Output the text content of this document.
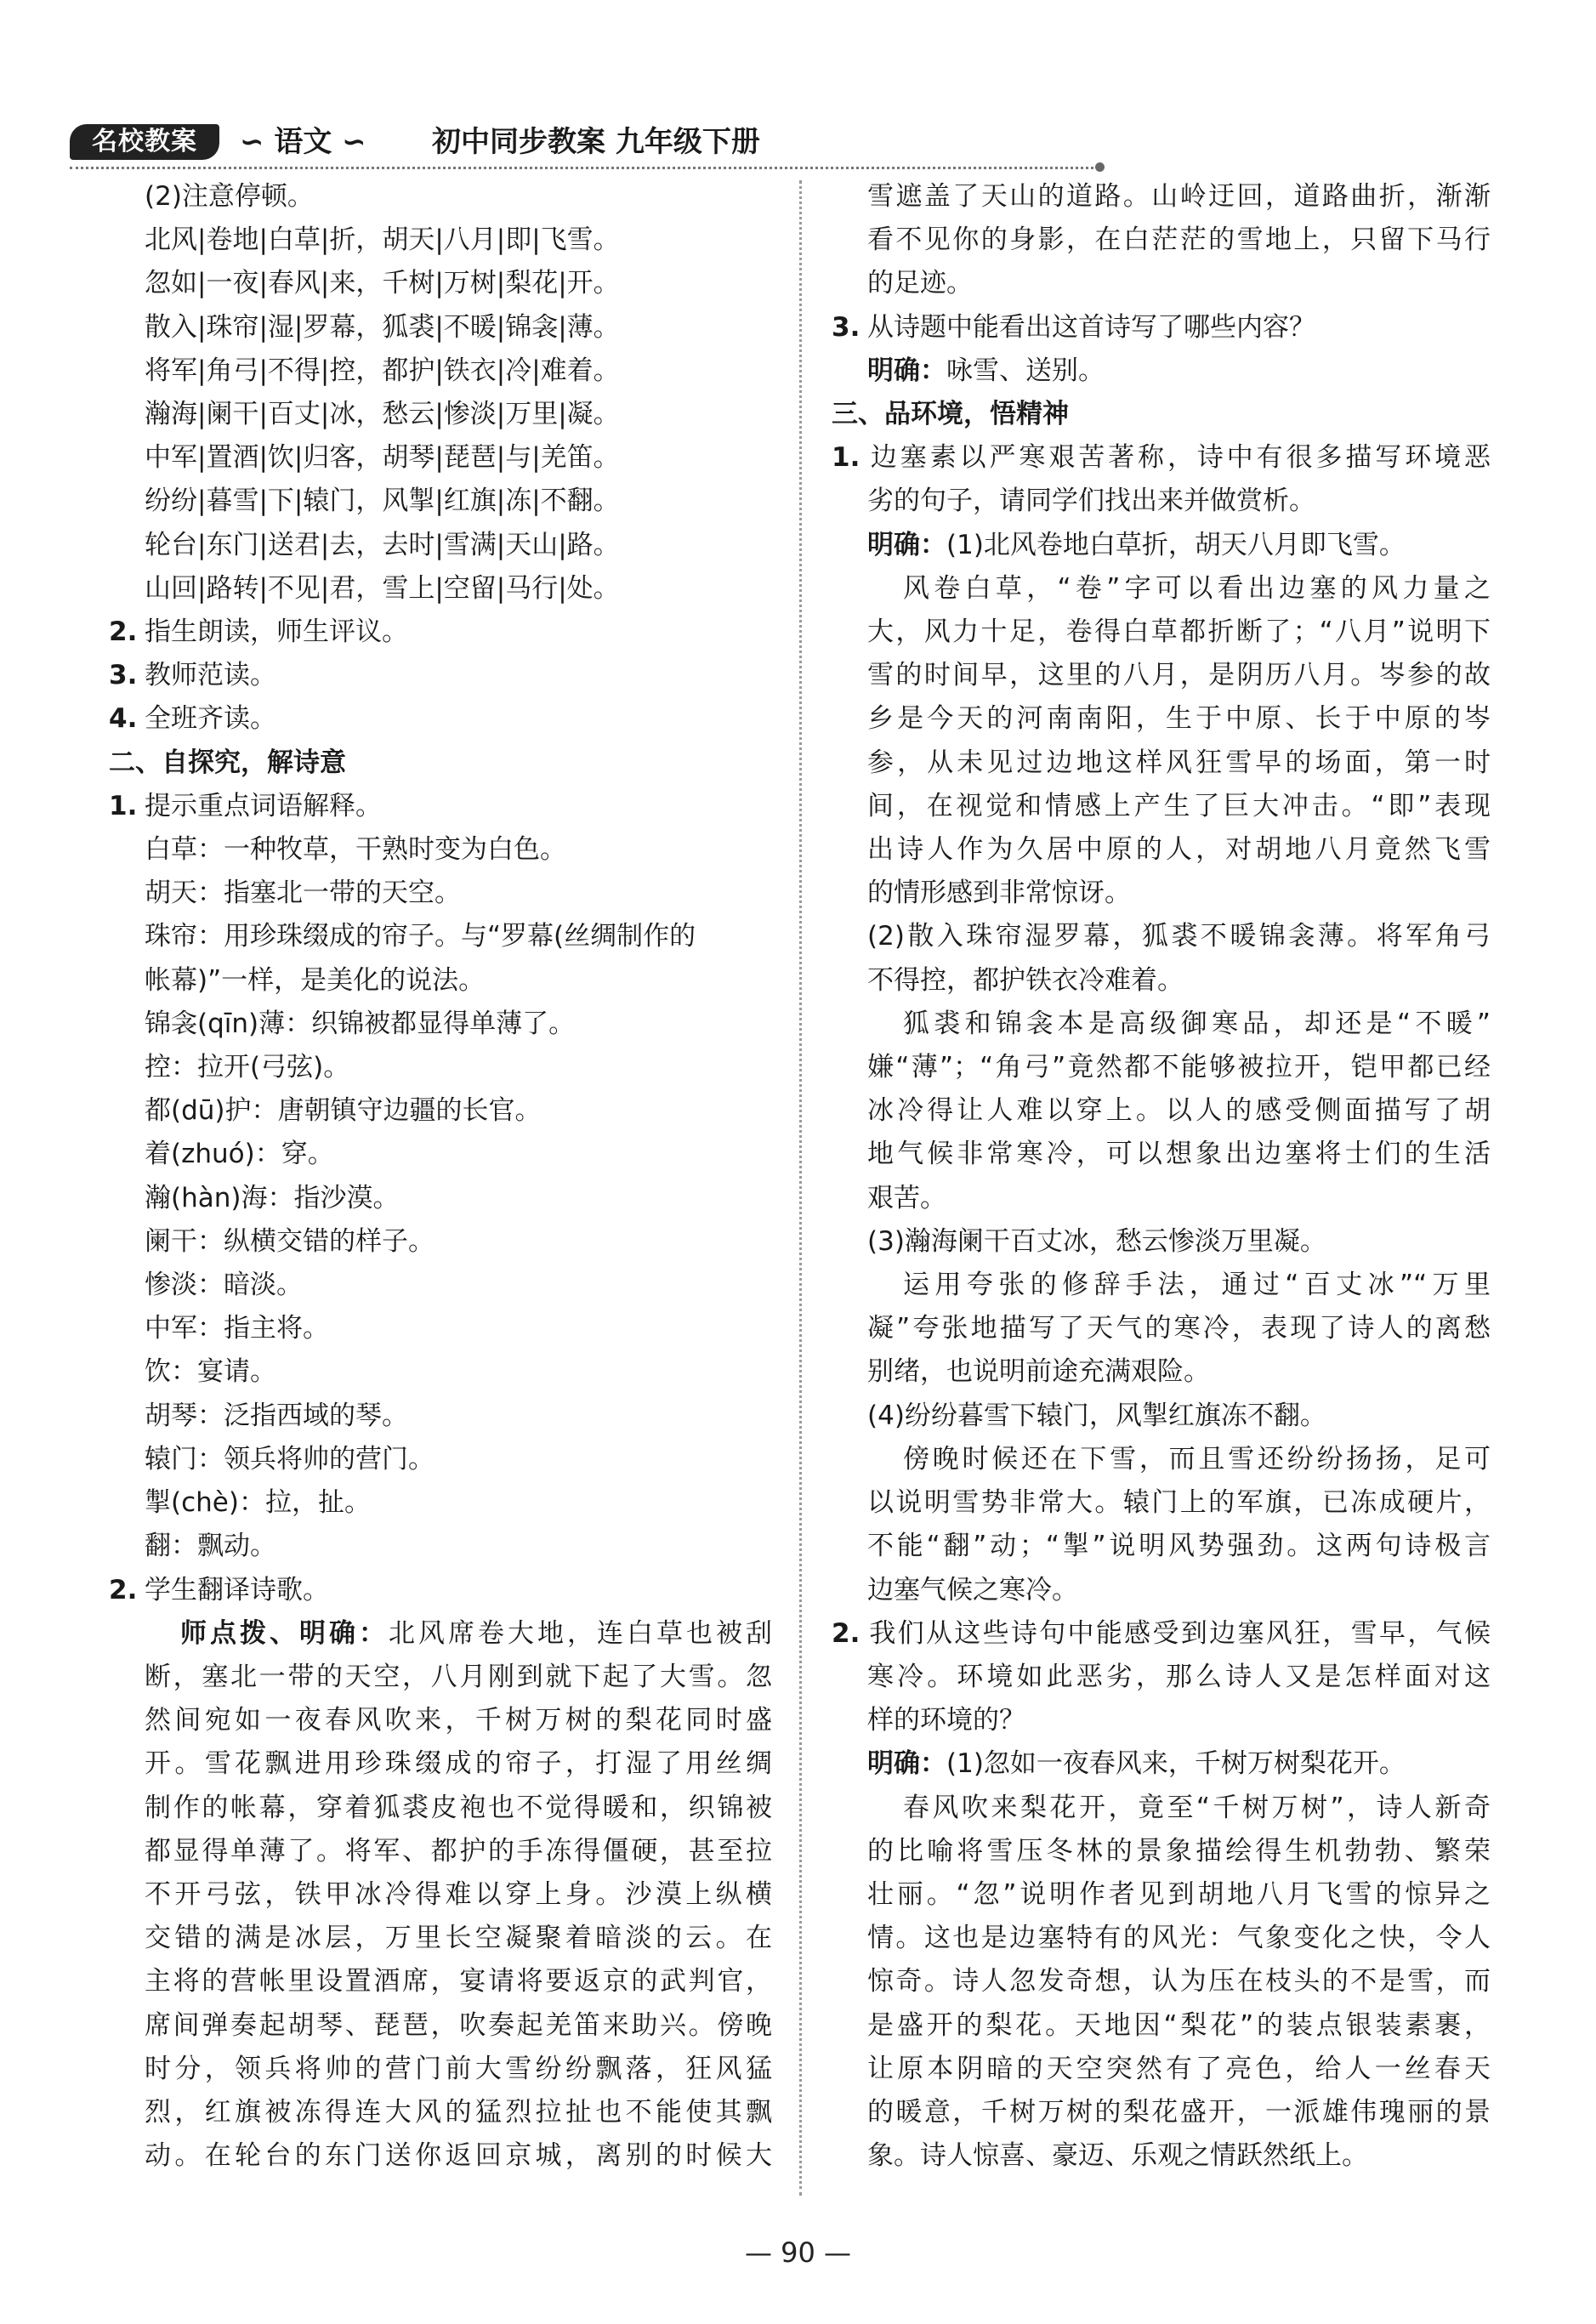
名校教案	∽ 语文 ∽ 初中同步教案 九年级下册
(2)注意停顿。
北风|卷地|白草|折，胡天|八月|即|飞雪。
忽如|一夜|春风|来，千树|万树|梨花|开。
散入|珠帘|湿|罗幕，狐裘|不暖|锦衾|薄。
将军|角弓|不得|控，都护|铁衣|冷|难着。
瀚海|阑干|百丈|冰，愁云|惨淡|万里|凝。
中军|置酒|饮|归客，胡琴|琵琶|与|羌笛。
纷纷|暮雪|下|辕门，风掣|红旗|冻|不翻。
轮台|东门|送君|去，去时|雪满|天山|路。
山回|路转|不见|君，雪上|空留|马行|处。
2. 指生朗读，师生评议。
3. 教师范读。
4. 全班齐读。
二、自探究，解诗意
1. 提示重点词语解释。
白草：一种牧草，干熟时变为白色。
胡天：指塞北一带的天空。
珠帘：用珍珠缀成的帘子。与“罗幕(丝绸制作的
帐幕)”一样，是美化的说法。
锦衾(qīn)薄：织锦被都显得单薄了。
控：拉开(弓弦)。
都(dū)护：唐朝镇守边疆的长官。
着(zhuó)：穿。
瀚(hàn)海：指沙漠。
阑干：纵横交错的样子。
惨淡：暗淡。
中军：指主将。
饮：宴请。
胡琴：泛指西域的琴。
辕门：领兵将帅的营门。
掣(chè)：拉，扯。
翻：飘动。
2. 学生翻译诗歌。
师点拨、明确：北风席卷大地，连白草也被刮
断，塞北一带的天空，八月刚到就下起了大雪。忽
然间宛如一夜春风吹来，千树万树的梨花同时盛
开。雪花飘进用珍珠缀成的帘子，打湿了用丝绸
制作的帐幕，穿着狐裘皮袍也不觉得暖和，织锦被
都显得单薄了。将军、都护的手冻得僵硬，甚至拉
不开弓弦，铁甲冰冷得难以穿上身。沙漠上纵横
交错的满是冰层，万里长空凝聚着暗淡的云。在
主将的营帐里设置酒席，宴请将要返京的武判官，
席间弹奏起胡琴、琵琶，吹奏起羌笛来助兴。傍晚
时分，领兵将帅的营门前大雪纷纷飘落，狂风猛
烈，红旗被冻得连大风的猛烈拉扯也不能使其飘
动。在轮台的东门送你返回京城，离别的时候大
雪遮盖了天山的道路。山岭迂回，道路曲折，渐渐
看不见你的身影，在白茫茫的雪地上，只留下马行
的足迹。
3. 从诗题中能看出这首诗写了哪些内容？
明确：咏雪、送别。
三、品环境，悟精神
1. 边塞素以严寒艰苦著称，诗中有很多描写环境恶
劣的句子，请同学们找出来并做赏析。
明确：(1)北风卷地白草折，胡天八月即飞雪。
风卷白草，“卷”字可以看出边塞的风力量之
大，风力十足，卷得白草都折断了；“八月”说明下
雪的时间早，这里的八月，是阴历八月。岑参的故
乡是今天的河南南阳，生于中原、长于中原的岑
参，从未见过边地这样风狂雪早的场面，第一时
间，在视觉和情感上产生了巨大冲击。“即”表现
出诗人作为久居中原的人，对胡地八月竟然飞雪
的情形感到非常惊讶。
(2)散入珠帘湿罗幕，狐裘不暖锦衾薄。将军角弓
不得控，都护铁衣冷难着。
狐裘和锦衾本是高级御寒品，却还是“不暖”
嫌“薄”；“角弓”竟然都不能够被拉开，铠甲都已经
冰冷得让人难以穿上。以人的感受侧面描写了胡
地气候非常寒冷，可以想象出边塞将士们的生活
艰苦。
(3)瀚海阑干百丈冰，愁云惨淡万里凝。
运用夸张的修辞手法，通过“百丈冰”“万里
凝”夸张地描写了天气的寒冷，表现了诗人的离愁
别绪，也说明前途充满艰险。
(4)纷纷暮雪下辕门，风掣红旗冻不翻。
傍晚时候还在下雪，而且雪还纷纷扬扬，足可
以说明雪势非常大。辕门上的军旗，已冻成硬片，
不能“翻”动；“掣”说明风势强劲。这两句诗极言
边塞气候之寒冷。
2. 我们从这些诗句中能感受到边塞风狂，雪早，气候
寒冷。环境如此恶劣，那么诗人又是怎样面对这
样的环境的？
明确：(1)忽如一夜春风来，千树万树梨花开。
春风吹来梨花开，竟至“千树万树”，诗人新奇
的比喻将雪压冬林的景象描绘得生机勃勃、繁荣
壮丽。“忽”说明作者见到胡地八月飞雪的惊异之
情。这也是边塞特有的风光：气象变化之快，令人
惊奇。诗人忽发奇想，认为压在枝头的不是雪，而
是盛开的梨花。天地因“梨花”的装点银装素裹，
让原本阴暗的天空突然有了亮色，给人一丝春天
的暖意，千树万树的梨花盛开，一派雄伟瑰丽的景
象。诗人惊喜、豪迈、乐观之情跃然纸上。
— 90 —
